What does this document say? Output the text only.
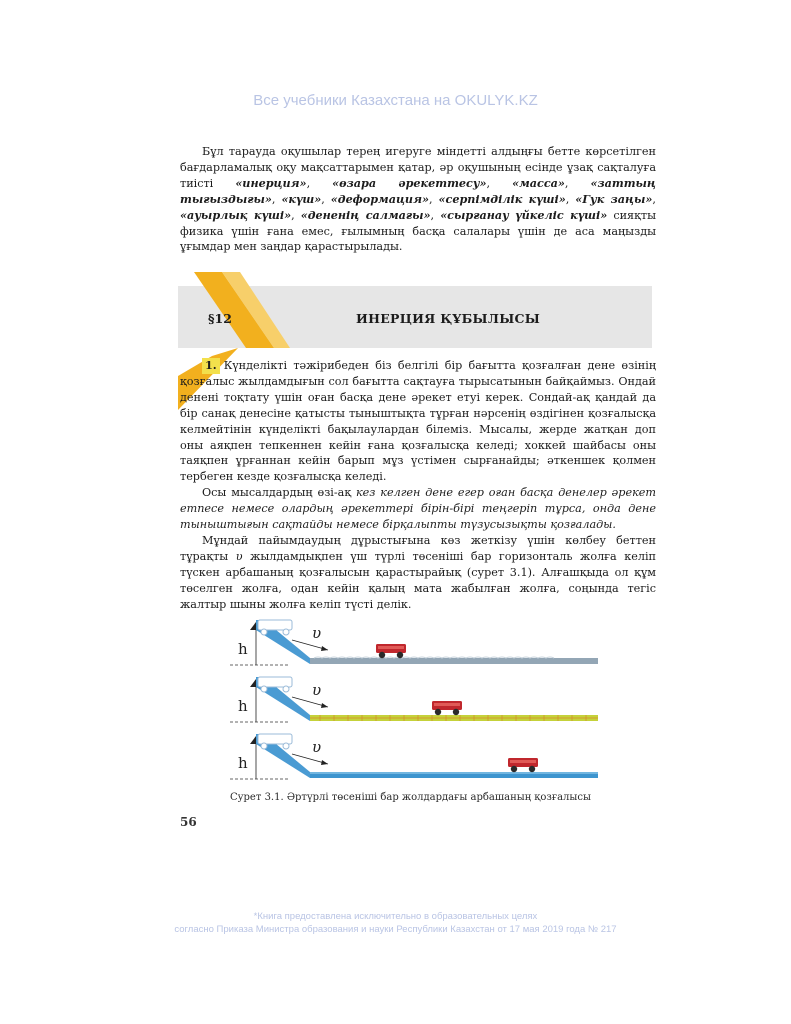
Все учебники Казахстана на OKULYK.KZ

Бұл тарауда оқушылар терең игеруге міндетті алдыңғы бетте көрсетілген бағдарламалық оқу мақсаттарымен қатар, әр оқушының есінде ұзақ сақталуға тиісті «инерция», «өзара әрекеттесу», «масса», «заттың тығыздығы», «күш», «деформация», «серпімділік күші», «Гук заңы», «ауырлық күші», «дененің салмағы», «сырғанау үйкеліс күші» сияқты физика үшін ғана емес, ғылымның басқа салалары үшін де аса маңызды ұғымдар мен заңдар қарастырылады.

§12	ИНЕРЦИЯ ҚҰБЫЛЫСЫ

1. Күнделікті тәжірибеден біз белгілі бір бағытта қозғалған дене өзінің қозғалыс жылдамдығын сол бағытта сақтауға тырысатынын байқаймыз. Ондай денені тоқтату үшін оған басқа дене әрекет етуі керек. Сондай-ақ қандай да бір санақ денесіне қатысты тыныштықта тұрған нәрсенің өздігінен қозғалысқа келмейтінін күнделікті бақылаулардан білеміз. Мысалы, жерде жатқан доп оны аяқпен тепкеннен кейін ғана қозғалысқа келеді; хоккей шайбасы оны таяқпен ұрғаннан кейін барып мұз үстімен сырғанайды; әткеншек қолмен тербеген кезде қозғалысқа келеді.

Осы мысалдардың өзі-ақ кез келген дене егер оған басқа денелер әрекет етпесе немесе олардың әрекеттері бірін-бірі теңгеріп тұрса, онда дене тыныштығын сақтайды немесе бірқалыпты түзусызықты қозғалады.

Мұндай пайымдаудың дұрыстығына көз жеткізу үшін көлбеу беттен тұрақты υ жылдамдықпен үш түрлі төсеніші бар горизонталь жолға келіп түскен арбашаның қозғалысын қарастырайық (сурет 3.1). Алғашқыда ол құм төселген жолға, одан кейін қалың мата жабылған жолға, соңында тегіс жалтыр шыны жолға келіп түсті делік.

h
υ
h
υ
h
υ
Сурет 3.1. Әртүрлі төсеніші бар жолдардағы арбашаның қозғалысы
56
*Книга предоставлена исключительно в образовательных целях
согласно Приказа Министра образования и науки Республики Казахстан от 17 мая 2019 года № 217
